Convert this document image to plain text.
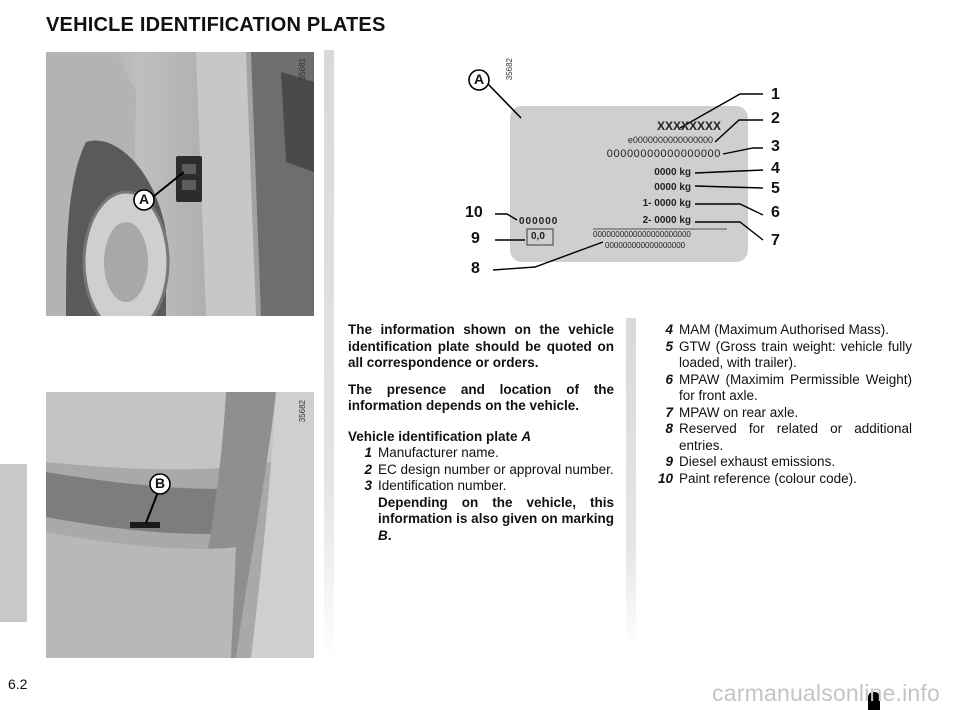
VEHICLE IDENTIFICATION PLATES
A
35681
B
35682
35682
A
XXXXXXXX
e0000000000000000
00000000000000000
0000 kg
0000 kg
1- 0000 kg
2- 0000 kg
0000000000000000000000
000000000000000000
000000
0,0
1
2
3
4
5
6
7
10
9
8

The information shown on the vehicle identification plate should be quoted on all correspondence or orders.

The presence and location of the information depends on the vehicle.

Vehicle identification plate A
1 Manufacturer name.
2 EC design number or approval number.
3 Identification number.
Depending on the vehicle, this information is also given on marking B.
4 MAM (Maximum Authorised Mass).
5 GTW (Gross train weight: vehicle fully loaded, with trailer).
6 MPAW (Maximim Permissible Weight) for front axle.
7 MPAW on rear axle.
8 Reserved for related or additional entries.
9 Diesel exhaust emissions.
10 Paint reference (colour code).
6.2	carmanualsonline.info
